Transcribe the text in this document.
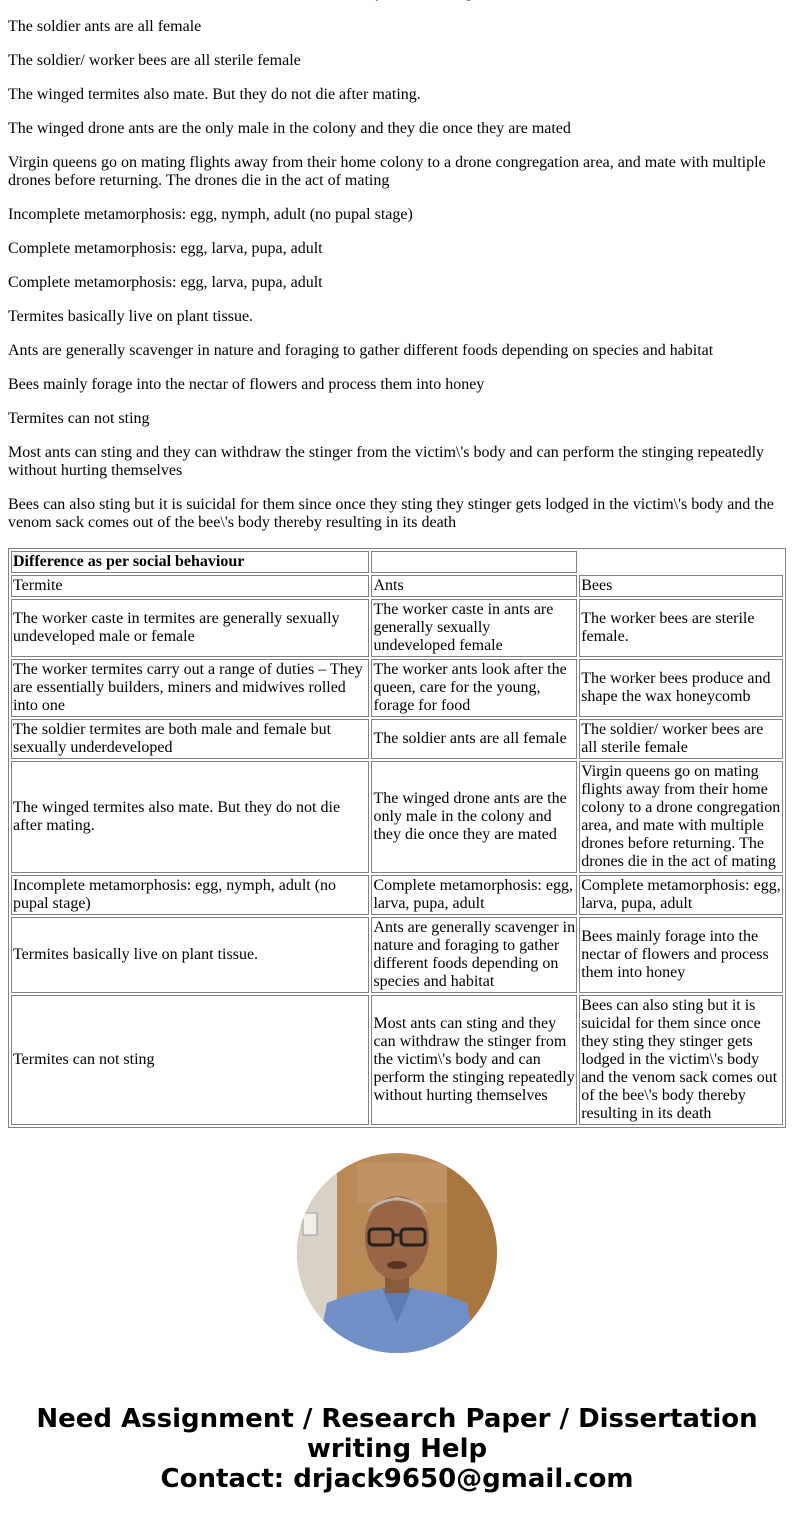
The soldier ants are all female

The soldier/ worker bees are all sterile female

The winged termites also mate. But they do not die after mating.

The winged drone ants are the only male in the colony and they die once they are mated

Virgin queens go on mating flights away from their home colony to a drone congregation area, and mate with multiple drones before returning. The drones die in the act of mating

Incomplete metamorphosis: egg, nymph, adult (no pupal stage)

Complete metamorphosis: egg, larva, pupa, adult

Complete metamorphosis: egg, larva, pupa, adult

Termites basically live on plant tissue.

Ants are generally scavenger in nature and foraging to gather different foods depending on species and habitat

Bees mainly forage into the nectar of flowers and process them into honey

Termites can not sting

Most ants can sting and they can withdraw the stinger from the victim\'s body and can perform the stinging repeatedly without hurting themselves

Bees can also sting but it is suicidal for them since once they sting they stinger gets lodged in the victim\'s body and the venom sack comes out of the bee\'s body thereby resulting in its death

Difference as per social behaviour		
Termite	Ants	Bees
The worker caste in termites are generally sexually undeveloped male or female	The worker caste in ants are generally sexually undeveloped female	The worker bees are sterile female.
The worker termites carry out a range of duties – They are essentially builders, miners and midwives rolled into one	The worker ants look after the queen, care for the young, forage for food	The worker bees produce and shape the wax honeycomb
The soldier termites are both male and female but sexually underdeveloped	The soldier ants are all female	The soldier/ worker bees are all sterile female
The winged termites also mate. But they do not die after mating.	The winged drone ants are the only male in the colony and they die once they are mated	Virgin queens go on mating flights away from their home colony to a drone congregation area, and mate with multiple drones before returning. The drones die in the act of mating
Incomplete metamorphosis: egg, nymph, adult (no pupal stage)	Complete metamorphosis: egg, larva, pupa, adult	Complete metamorphosis: egg, larva, pupa, adult
Termites basically live on plant tissue.	Ants are generally scavenger in nature and foraging to gather different foods depending on species and habitat	Bees mainly forage into the nectar of flowers and process them into honey
Termites can not sting	Most ants can sting and they can withdraw the stinger from the victim\'s body and can perform the stinging repeatedly without hurting themselves	Bees can also sting but it is suicidal for them since once they sting they stinger gets lodged in the victim\'s body and the venom sack comes out of the bee\'s body thereby resulting in its death
Need Assignment / Research Paper / Dissertation
writing Help
Contact: drjack9650@gmail.com
